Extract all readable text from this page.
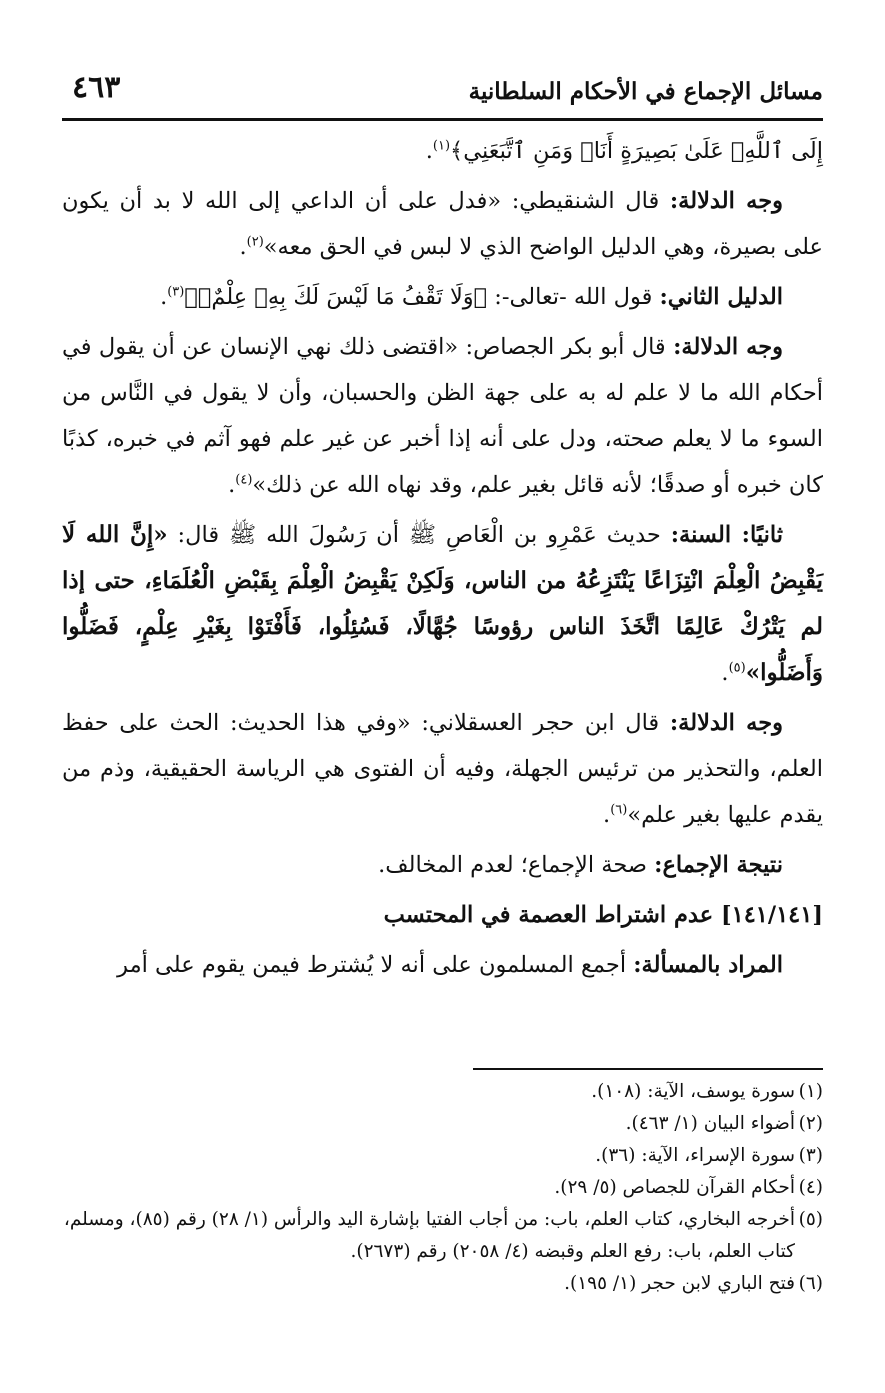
مسائل الإجماع في الأحكام السلطانية
٤٦٣

إِلَى ٱللَّهِۚ عَلَىٰ بَصِيرَةٍ أَنَا۠ وَمَنِ ٱتَّبَعَنِي﴾$^{(١)}$.

وجه الدلالة: قال الشنقيطي: «فدل على أن الداعي إلى الله لا بد أن يكون على بصيرة، وهي الدليل الواضح الذي لا لبس في الحق معه»$^{(٢)}$.

الدليل الثاني: قول الله -تعالى-: ﴿وَلَا تَقْفُ مَا لَيْسَ لَكَ بِهِۦ عِلْمٌۚ﴾$^{(٣)}$.

وجه الدلالة: قال أبو بكر الجصاص: «اقتضى ذلك نهي الإنسان عن أن يقول في أحكام الله ما لا علم له به على جهة الظن والحسبان، وأن لا يقول في النَّاس من السوء ما لا يعلم صحته، ودل على أنه إذا أخبر عن غير علم فهو آثم في خبره، كذبًا كان خبره أو صدقًا؛ لأنه قائل بغير علم، وقد نهاه الله عن ذلك»$^{(٤)}$.

ثانيًا: السنة: حديث عَمْرِو بن الْعَاصِ ﷺ أن رَسُولَ الله ﷺ قال: «إِنَّ الله لَا يَقْبِضُ الْعِلْمَ انْتِزَاعًا يَنْتَزِعُهُ من الناس، وَلَكِنْ يَقْبِضُ الْعِلْمَ بِقَبْضِ الْعُلَمَاءِ، حتى إذا لم يَتْرُكْ عَالِمًا اتَّخَذَ الناس رؤوسًا جُهَّالًا، فَسُئِلُوا، فَأَفْتَوْا بِغَيْرِ عِلْمٍ، فَضَلُّوا وَأَضَلُّوا»$^{(٥)}$.

وجه الدلالة: قال ابن حجر العسقلاني: «وفي هذا الحديث: الحث على حفظ العلم، والتحذير من ترئيس الجهلة، وفيه أن الفتوى هي الرياسة الحقيقية، وذم من يقدم عليها بغير علم»$^{(٦)}$.

نتيجة الإجماع: صحة الإجماع؛ لعدم المخالف.

[١٤١/١٤١] عدم اشتراط العصمة في المحتسب

المراد بالمسألة: أجمع المسلمون على أنه لا يُشترط فيمن يقوم على أمر

(١)
سورة يوسف، الآية: (١٠٨).

(٢)
أضواء البيان (١/ ٤٦٣).

(٣)
سورة الإسراء، الآية: (٣٦).

(٤)
أحكام القرآن للجصاص (٥/ ٢٩).

(٥)
أخرجه البخاري، كتاب العلم، باب: من أجاب الفتيا بإشارة اليد والرأس (١/ ٢٨) رقم (٨٥)، ومسلم، كتاب العلم، باب: رفع العلم وقبضه (٤/ ٢٠٥٨) رقم (٢٦٧٣).

(٦)
فتح الباري لابن حجر (١/ ١٩٥).
